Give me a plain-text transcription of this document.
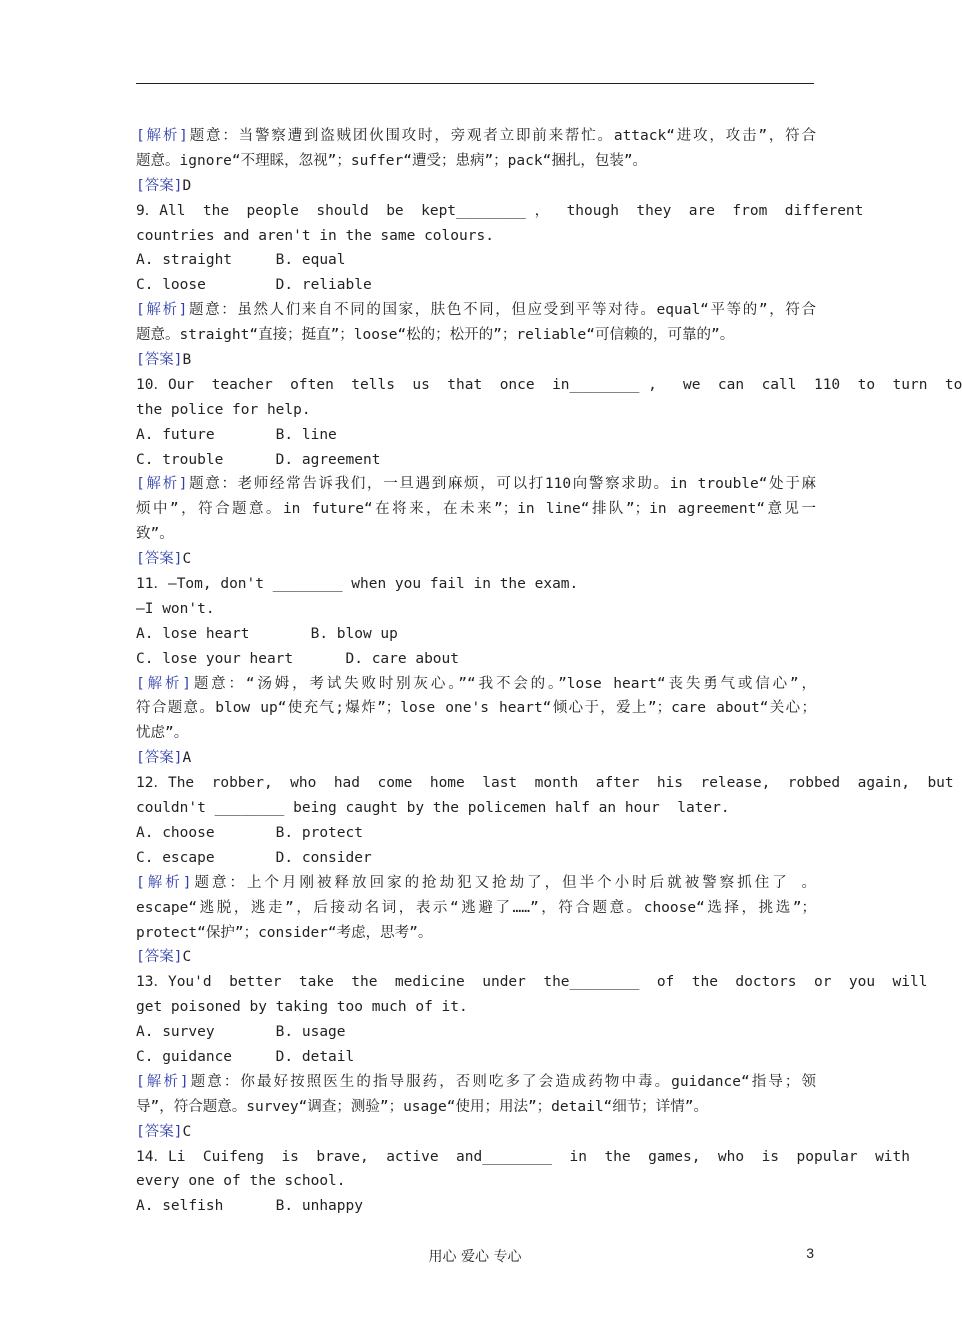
[解析]题意：当警察遭到盗贼团伙围攻时，旁观者立即前来帮忙。attack“进攻，攻击”，符合
题意。ignore“不理睬，忽视”；suffer“遭受；患病”；pack“捆扎，包装”。
[答案]D
9．All  the  people  should  be  kept________ ，  though  they  are  from  different
countries and aren't in the same colours.
A. straight     B. equal
C. loose        D. reliable
[解析]题意：虽然人们来自不同的国家，肤色不同，但应受到平等对待。equal“平等的”，符合
题意。straight“直接；挺直”；loose“松的；松开的”；reliable“可信赖的，可靠的”。
[答案]B
10．Our  teacher  often  tells  us  that  once  in________ ,   we  can  call  110  to  turn  to
the police for help.
A. future       B. line
C. trouble      D. agreement
[解析]题意：老师经常告诉我们，一旦遇到麻烦，可以打110向警察求助。in trouble“处于麻
烦中”，符合题意。in future“在将来，在未来”；in line“排队”；in agreement“意见一
致”。
[答案]C
11．—Tom, don't ________ when you fail in the exam.
—I won't.
A. lose heart       B. blow up
C. lose your heart      D. care about
[解析]题意：“汤姆，考试失败时别灰心。”“我不会的。”lose heart“丧失勇气或信心”，
符合题意。blow up“使充气;爆炸”；lose one's heart“倾心于，爱上”；care about“关心；
忧虑”。
[答案]A
12．The  robber,  who  had  come  home  last  month  after  his  release,  robbed  again,  but
couldn't ________ being caught by the policemen half an hour  later.
A. choose       B. protect
C. escape       D. consider
[解析]题意：上个月刚被释放回家的抢劫犯又抢劫了，但半个小时后就被警察抓住了 。
escape“逃脱，逃走”，后接动名词，表示“逃避了……”，符合题意。choose“选择，挑选”；
protect“保护”；consider“考虑，思考”。
[答案]C
13．You'd  better  take  the  medicine  under  the________  of  the  doctors  or  you  will
get poisoned by taking too much of it.
A. survey       B. usage
C. guidance     D. detail
[解析]题意：你最好按照医生的指导服药，否则吃多了会造成药物中毒。guidance“指导；领
导”，符合题意。survey“调查；测验”；usage“使用；用法”；detail“细节；详情”。
[答案]C
14．Li  Cuifeng  is  brave,  active  and________  in  the  games,  who  is  popular  with
every one of the school.
A. selfish      B. unhappy
用心 爱心 专心	3
